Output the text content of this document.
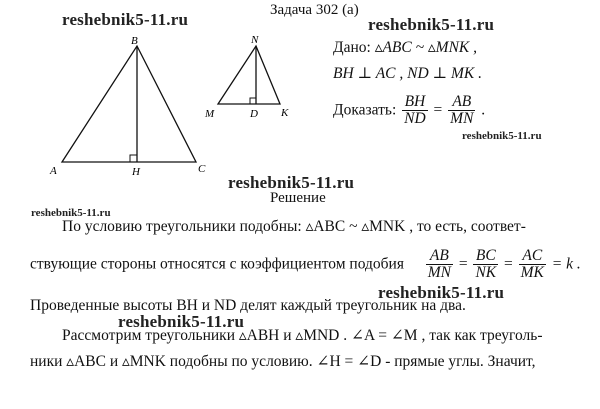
reshebnik5-11.ru	reshebnik5-11.ru
reshebnik5-11.ru
reshebnik5-11.ru
reshebnik5-11.ru
reshebnik5-11.ru
reshebnik5-11.ru
Задача 302 (а)
A
B
C
H
N
M	K
D
Дано: ▵ABC ~ ▵MNK ,
BH ⊥ AC , ND ⊥ MK .
Доказать: $\frac{BH}{ND} = \frac{AB}{MN}$ .
Решение
По условию треугольники подобны: ▵ABC ~ ▵MNK , то есть, соответ-
ствующие стороны относятся с коэффициентом подобия $\frac{AB}{MN} = \frac{BC}{NK} = \frac{AC}{MK} = k$ .
Проведенные высоты BH и ND делят каждый треугольник на два.
Рассмотрим треугольники ▵ABH и ▵MND . ∠A = ∠M , так как треуголь-
ники ▵ABC и ▵MNK подобны по условию. ∠H = ∠D - прямые углы. Значит,
